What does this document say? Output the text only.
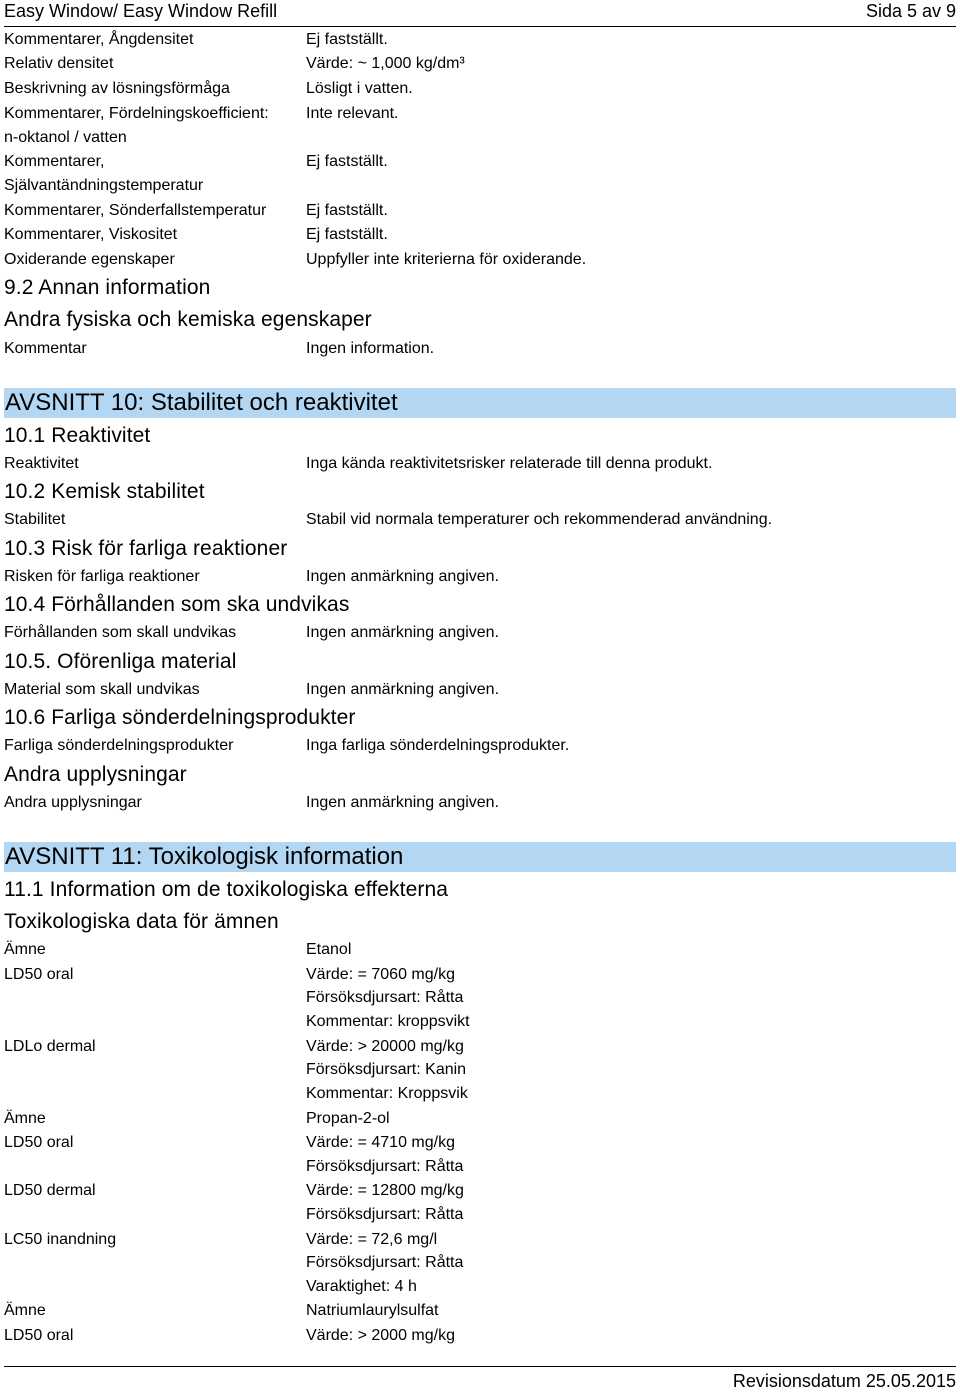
Easy Window/ Easy Window Refill	Sida 5 av 9
Kommentarer, Ångdensitet	Ej fastställt.
Relativ densitet	Värde: ~ 1,000 kg/dm³
Beskrivning av lösningsförmåga	Lösligt i vatten.
Kommentarer, Fördelningskoefficient:	Inte relevant.
n-oktanol / vatten
Kommentarer,	Ej fastställt.
Självantändningstemperatur
Kommentarer, Sönderfallstemperatur	Ej fastställt.
Kommentarer, Viskositet	Ej fastställt.
Oxiderande egenskaper	Uppfyller inte kriterierna för oxiderande.
9.2 Annan information
Andra fysiska och kemiska egenskaper
Kommentar	Ingen information.
AVSNITT 10: Stabilitet och reaktivitet
10.1 Reaktivitet
Reaktivitet	Inga kända reaktivitetsrisker relaterade till denna produkt.
10.2 Kemisk stabilitet
Stabilitet	Stabil vid normala temperaturer och rekommenderad användning.
10.3 Risk för farliga reaktioner
Risken för farliga reaktioner	Ingen anmärkning angiven.
10.4 Förhållanden som ska undvikas
Förhållanden som skall undvikas	Ingen anmärkning angiven.
10.5. Oförenliga material
Material som skall undvikas	Ingen anmärkning angiven.
10.6 Farliga sönderdelningsprodukter
Farliga sönderdelningsprodukter	Inga farliga sönderdelningsprodukter.
Andra upplysningar
Andra upplysningar	Ingen anmärkning angiven.
AVSNITT 11: Toxikologisk information
11.1 Information om de toxikologiska effekterna
Toxikologiska data för ämnen
Ämne	Etanol
LD50 oral	Värde: = 7060 mg/kg
Försöksdjursart: Råtta
Kommentar: kroppsvikt
LDLo dermal	Värde: > 20000 mg/kg
Försöksdjursart: Kanin
Kommentar: Kroppsvik
Ämne	Propan-2-ol
LD50 oral	Värde: = 4710 mg/kg
Försöksdjursart: Råtta
LD50 dermal	Värde: = 12800 mg/kg
Försöksdjursart: Råtta
LC50 inandning	Värde: = 72,6 mg/l
Försöksdjursart: Råtta
Varaktighet: 4 h
Ämne	Natriumlaurylsulfat
LD50 oral	Värde: > 2000 mg/kg
Revisionsdatum 25.05.2015
